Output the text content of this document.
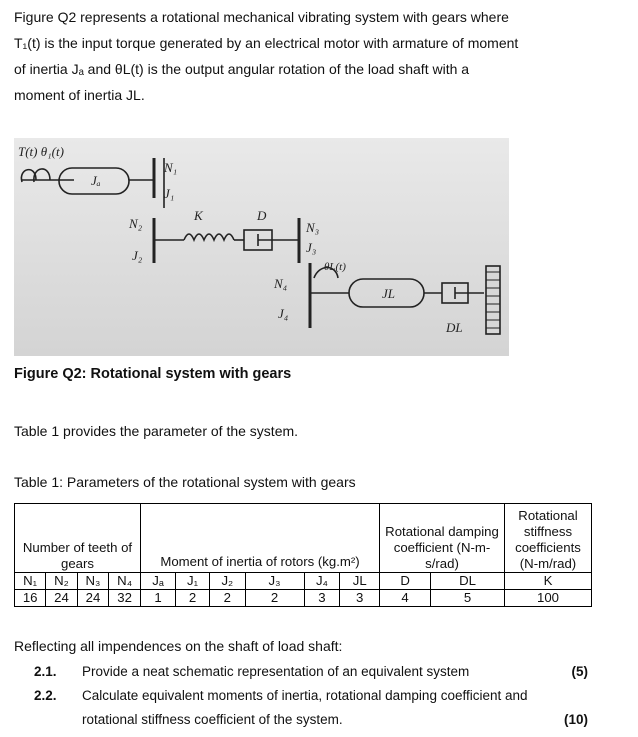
Figure Q2 represents a rotational mechanical vibrating system with gears where
T₁(t) is the input torque generated by an electrical motor with armature of moment
of inertia Jₐ and θL(t) is the output angular rotation of the load shaft with a
moment of inertia JL.
T(t) θ₁(t)
Jₐ
N₁
J₁
N₂
J₂
K	D
N₃
J₃
N₄
J₄
θL(t)
JL
DL
Figure Q2: Rotational system with gears
Table 1 provides the parameter of the system.
Table 1: Parameters of the rotational system with gears
Number of teeth of gears				Moment of inertia of rotors (kg.m²)						Rotational damping coefficient (N-m-s/rad)		Rotational stiffness coefficients (N-m/rad)
N₁	N₂	N₃	N₄	Jₐ	J₁	J₂	J₃	J₄	JL	D	DL	K
16	24	24	32	1	2	2	2	3	3	4	5	100
Reflecting all impendences on the shaft of load shaft:
2.1. Provide a neat schematic representation of an equivalent system	(5)
2.2. Calculate equivalent moments of inertia, rotational damping coefficient and
rotational stiffness coefficient of the system.	(10)
